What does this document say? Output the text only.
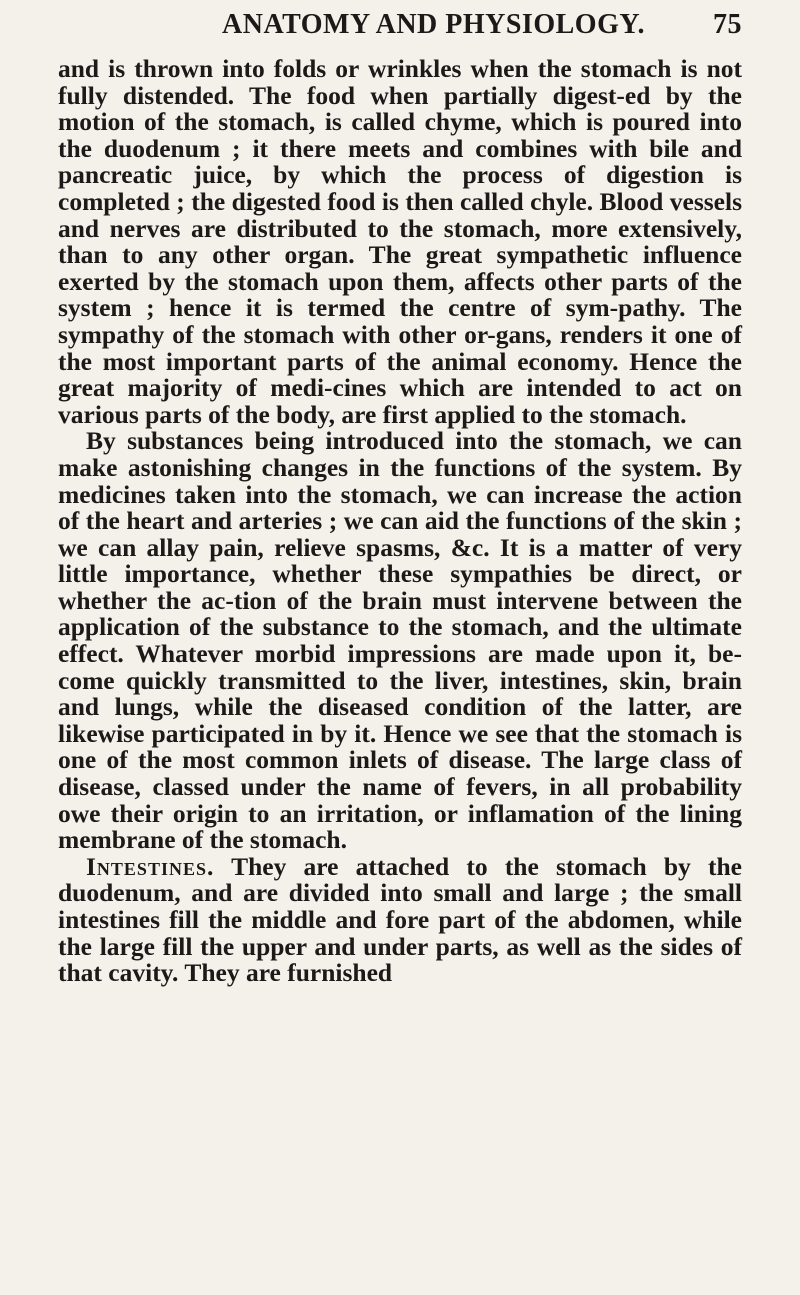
ANATOMY AND PHYSIOLOGY. 75

and is thrown into folds or wrinkles when the stomach is not fully distended. The food when partially digest-ed by the motion of the stomach, is called chyme, which is poured into the duodenum ; it there meets and combines with bile and pancreatic juice, by which the process of digestion is completed ; the digested food is then called chyle. Blood vessels and nerves are distributed to the stomach, more extensively, than to any other organ. The great sympathetic influence exerted by the stomach upon them, affects other parts of the system ; hence it is termed the centre of sym-pathy. The sympathy of the stomach with other or-gans, renders it one of the most important parts of the animal economy. Hence the great majority of medi-cines which are intended to act on various parts of the body, are first applied to the stomach.

By substances being introduced into the stomach, we can make astonishing changes in the functions of the system. By medicines taken into the stomach, we can increase the action of the heart and arteries ; we can aid the functions of the skin ; we can allay pain, relieve spasms, &c. It is a matter of very little importance, whether these sympathies be direct, or whether the ac-tion of the brain must intervene between the application of the substance to the stomach, and the ultimate effect. Whatever morbid impressions are made upon it, be-come quickly transmitted to the liver, intestines, skin, brain and lungs, while the diseased condition of the latter, are likewise participated in by it. Hence we see that the stomach is one of the most common inlets of disease. The large class of disease, classed under the name of fevers, in all probability owe their origin to an irritation, or inflamation of the lining membrane of the stomach.

Intestines. They are attached to the stomach by the duodenum, and are divided into small and large ; the small intestines fill the middle and fore part of the abdomen, while the large fill the upper and under parts, as well as the sides of that cavity. They are furnished
